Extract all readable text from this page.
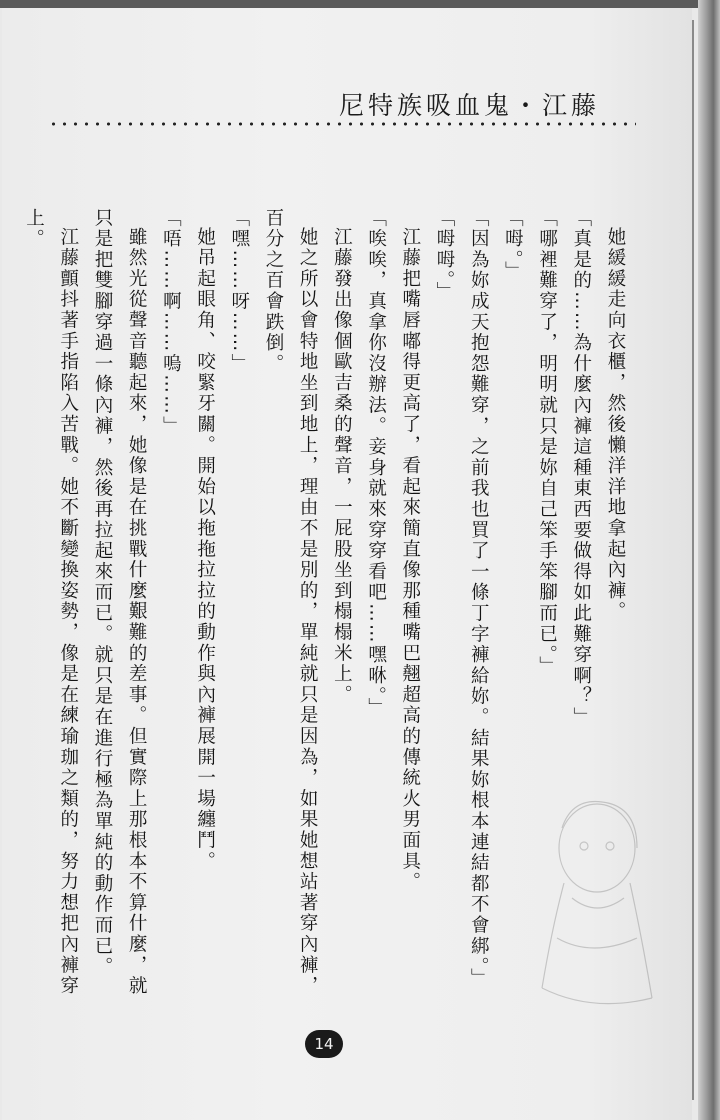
尼特族吸血鬼・江藤

她緩緩走向衣櫃，然後懶洋洋地拿起內褲。

「真是的……為什麼內褲這種東西要做得如此難穿啊？」

「哪裡難穿了，明明就只是妳自己笨手笨腳而已。」

「呣。」

「因為妳成天抱怨難穿，之前我也買了一條丁字褲給妳。結果妳根本連結都不會綁。」

「呣呣。」

江藤把嘴唇嘟得更高了，看起來簡直像那種嘴巴翹超高的傳統火男面具。

「唉唉，真拿你沒辦法。妾身就來穿穿看吧……嘿咻。」

江藤發出像個歐吉桑的聲音，一屁股坐到榻榻米上。

她之所以會特地坐到地上，理由不是別的，單純就只是因為，如果她想站著穿內褲，百分之百會跌倒。

「嘿……呀……」

她吊起眼角、咬緊牙關。開始以拖拖拉拉的動作與內褲展開一場纏鬥。

「唔……啊……嗚……」

雖然光從聲音聽起來，她像是在挑戰什麼艱難的差事。但實際上那根本不算什麼，就只是把雙腳穿過一條內褲，然後再拉起來而已。就只是在進行極為單純的動作而已。

江藤顫抖著手指陷入苦戰。她不斷變換姿勢，像是在練瑜珈之類的，努力想把內褲穿上。

14
